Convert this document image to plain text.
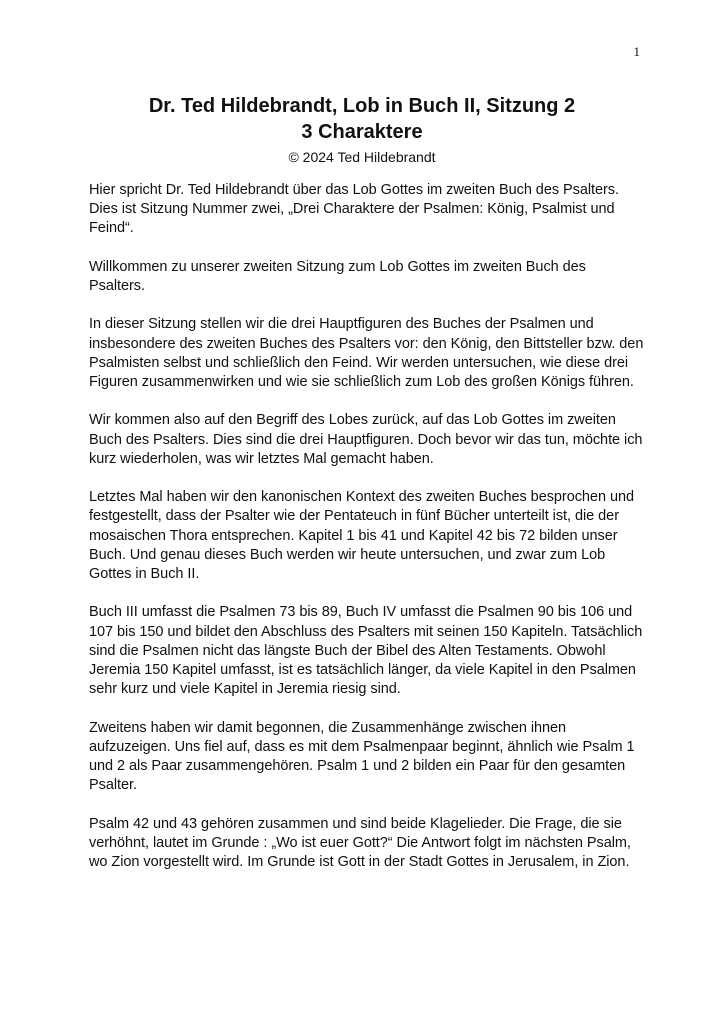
1
Dr. Ted Hildebrandt, Lob in Buch II, Sitzung 2
3 Charaktere
© 2024 Ted Hildebrandt

Hier spricht Dr. Ted Hildebrandt über das Lob Gottes im zweiten Buch des Psalters. Dies ist Sitzung Nummer zwei, „Drei Charaktere der Psalmen: König, Psalmist und Feind“.

Willkommen zu unserer zweiten Sitzung zum Lob Gottes im zweiten Buch des Psalters.

In dieser Sitzung stellen wir die drei Hauptfiguren des Buches der Psalmen und insbesondere des zweiten Buches des Psalters vor: den König, den Bittsteller bzw. den Psalmisten selbst und schließlich den Feind. Wir werden untersuchen, wie diese drei Figuren zusammenwirken und wie sie schließlich zum Lob des großen Königs führen.

Wir kommen also auf den Begriff des Lobes zurück, auf das Lob Gottes im zweiten Buch des Psalters. Dies sind die drei Hauptfiguren. Doch bevor wir das tun, möchte ich kurz wiederholen, was wir letztes Mal gemacht haben.

Letztes Mal haben wir den kanonischen Kontext des zweiten Buches besprochen und festgestellt, dass der Psalter wie der Pentateuch in fünf Bücher unterteilt ist, die der mosaischen Thora entsprechen. Kapitel 1 bis 41 und Kapitel 42 bis 72 bilden unser Buch. Und genau dieses Buch werden wir heute untersuchen, und zwar zum Lob Gottes in Buch II.

Buch III umfasst die Psalmen 73 bis 89, Buch IV umfasst die Psalmen 90 bis 106 und 107 bis 150 und bildet den Abschluss des Psalters mit seinen 150 Kapiteln. Tatsächlich sind die Psalmen nicht das längste Buch der Bibel des Alten Testaments. Obwohl Jeremia 150 Kapitel umfasst, ist es tatsächlich länger, da viele Kapitel in den Psalmen sehr kurz und viele Kapitel in Jeremia riesig sind.

Zweitens haben wir damit begonnen, die Zusammenhänge zwischen ihnen aufzuzeigen. Uns fiel auf, dass es mit dem Psalmenpaar beginnt, ähnlich wie Psalm 1 und 2 als Paar zusammengehören. Psalm 1 und 2 bilden ein Paar für den gesamten Psalter.

Psalm 42 und 43 gehören zusammen und sind beide Klagelieder. Die Frage, die sie verhöhnt, lautet im Grunde : „Wo ist euer Gott?“ Die Antwort folgt im nächsten Psalm, wo Zion vorgestellt wird. Im Grunde ist Gott in der Stadt Gottes in Jerusalem, in Zion.
